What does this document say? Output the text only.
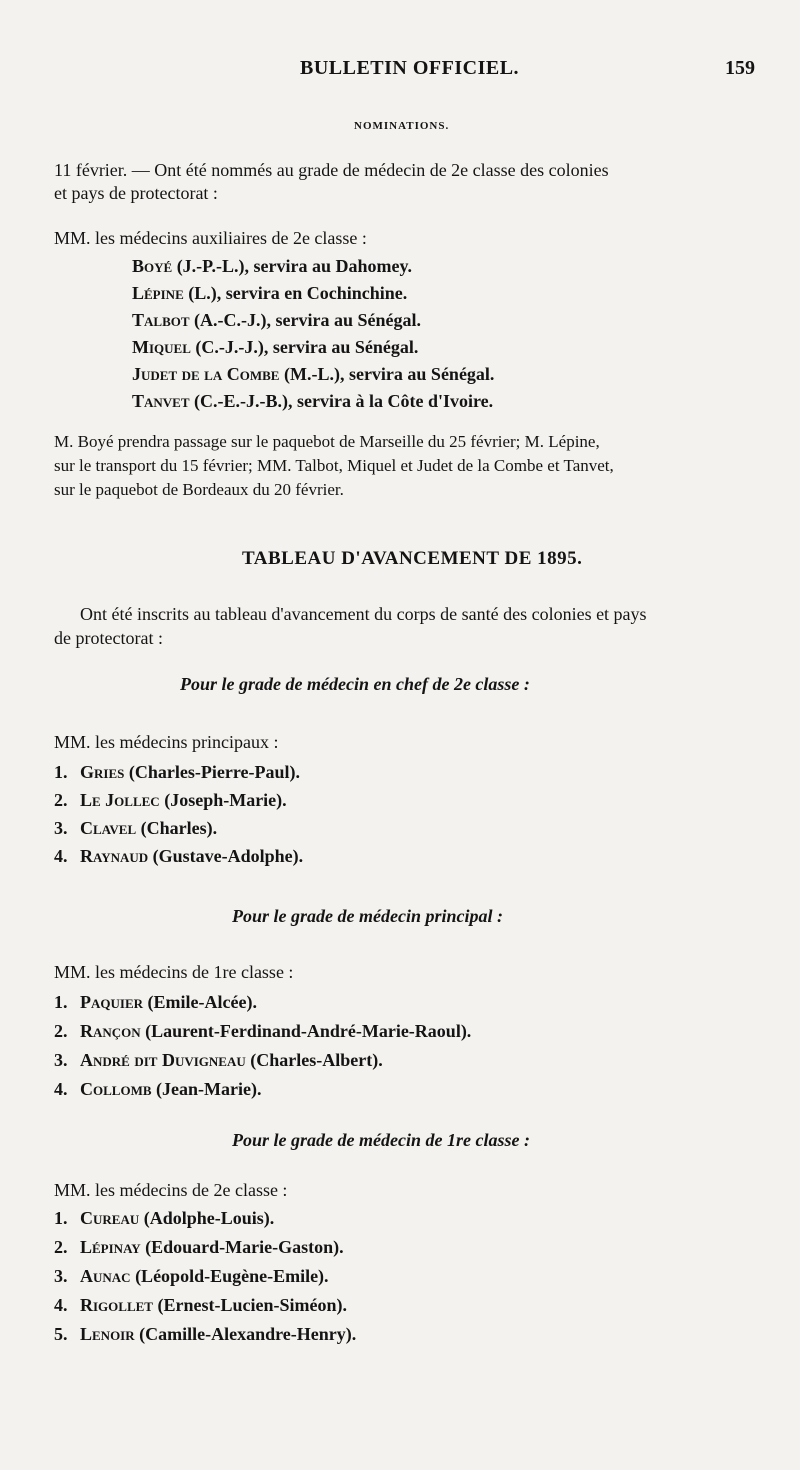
BULLETIN OFFICIEL.	159
NOMINATIONS.
11 février. — Ont été nommés au grade de médecin de 2e classe des colonies
et pays de protectorat :
MM. les médecins auxiliaires de 2e classe :
Boyé (J.-P.-L.), servira au Dahomey.
Lépine (L.), servira en Cochinchine.
Talbot (A.-C.-J.), servira au Sénégal.
Miquel (C.-J.-J.), servira au Sénégal.
Judet de la Combe (M.-L.), servira au Sénégal.
Tanvet (C.-E.-J.-B.), servira à la Côte d'Ivoire.
M. Boyé prendra passage sur le paquebot de Marseille du 25 février; M. Lépine,
sur le transport du 15 février; MM. Talbot, Miquel et Judet de la Combe et Tanvet,
sur le paquebot de Bordeaux du 20 février.
TABLEAU D'AVANCEMENT DE 1895.
Ont été inscrits au tableau d'avancement du corps de santé des colonies et pays
de protectorat :
Pour le grade de médecin en chef de 2e classe :
MM. les médecins principaux :
1. Gries (Charles-Pierre-Paul).
2. Le Jollec (Joseph-Marie).
3. Clavel (Charles).
4. Raynaud (Gustave-Adolphe).
Pour le grade de médecin principal :
MM. les médecins de 1re classe :
1. Paquier (Emile-Alcée).
2. Rançon (Laurent-Ferdinand-André-Marie-Raoul).
3. André dit Duvigneau (Charles-Albert).
4. Collomb (Jean-Marie).
Pour le grade de médecin de 1re classe :
MM. les médecins de 2e classe :
1. Cureau (Adolphe-Louis).
2. Lépinay (Edouard-Marie-Gaston).
3. Aunac (Léopold-Eugène-Emile).
4. Rigollet (Ernest-Lucien-Siméon).
5. Lenoir (Camille-Alexandre-Henry).
